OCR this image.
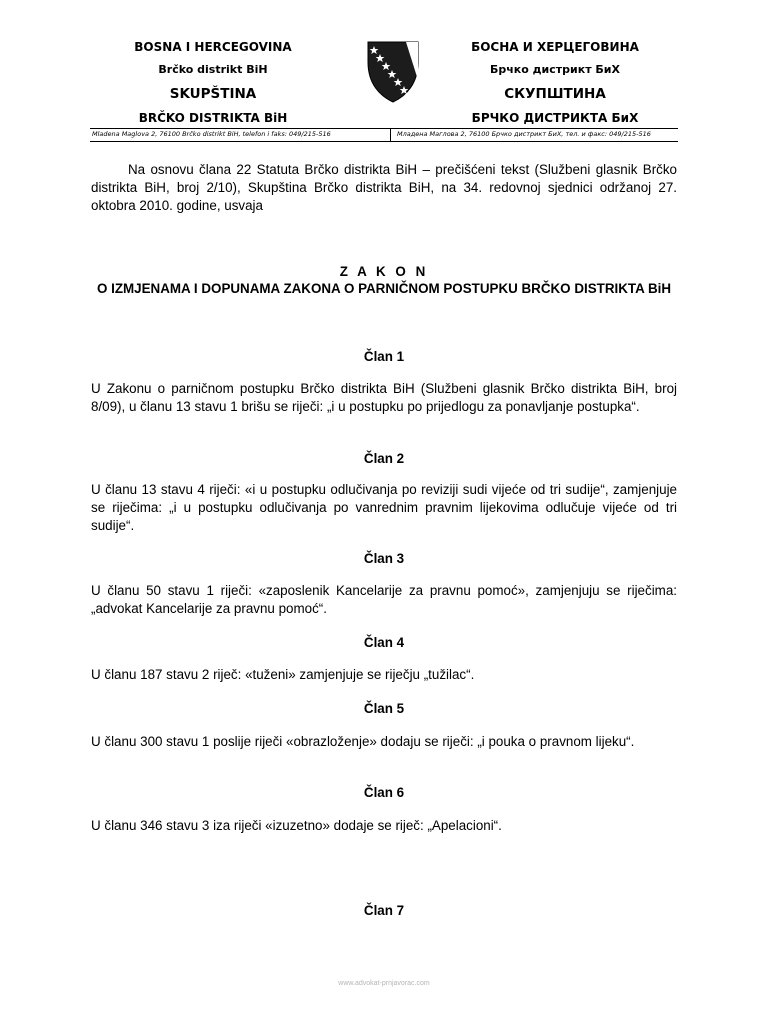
BOSNA I HERCEGOVINA
Brčko distrikt BiH
SKUPŠTINA
BRČKO DISTRIKTA BiH
БОСНА И ХЕРЦЕГОВИНА
Брчко дистрикт БиХ
СКУПШТИНА
БРЧКО ДИСТРИКТА БиХ
Mladena Maglova 2, 76100 Brčko distrikt BiH, telefon i faks: 049/215-516	Младена Маглова 2, 76100 Брчко дистрикт БиХ, тел. и факс: 049/215-516
Na osnovu člana 22 Statuta Brčko distrikta BiH – prečišćeni tekst (Službeni glasnik Brčko distrikta BiH, broj 2/10), Skupština Brčko distrikta BiH, na 34. redovnoj sjednici održanoj 27. oktobra 2010. godine, usvaja
Z A K O N
O IZMJENAMA I DOPUNAMA ZAKONA O PARNIČNOM POSTUPKU BRČKO DISTRIKTA BiH
Član 1
U Zakonu o parničnom postupku Brčko distrikta BiH (Službeni glasnik Brčko distrikta BiH, broj 8/09), u članu 13 stavu 1 brišu se riječi: „i u postupku po prijedlogu za ponavljanje postupka“.
Član 2
U članu 13 stavu 4 riječi: «i u postupku odlučivanja po reviziji sudi vijeće od tri sudije“, zamjenjuje se riječima: „i u postupku odlučivanja po vanrednim pravnim lijekovima odlučuje vijeće od tri sudije“.
Član 3
U članu 50 stavu 1 riječi: «zaposlenik Kancelarije za pravnu pomoć», zamjenjuju se riječima: „advokat Kancelarije za pravnu pomoć“.
Član 4
U članu 187 stavu 2 riječ: «tuženi» zamjenjuje se riječju „tužilac“.
Član 5
U članu 300 stavu 1 poslije riječi «obrazloženje» dodaju se riječi: „i pouka o pravnom lijeku“.
Član 6
U članu 346 stavu 3 iza riječi «izuzetno» dodaje se riječ: „Apelacioni“.
Član 7
www.advokat-prnjavorac.com
